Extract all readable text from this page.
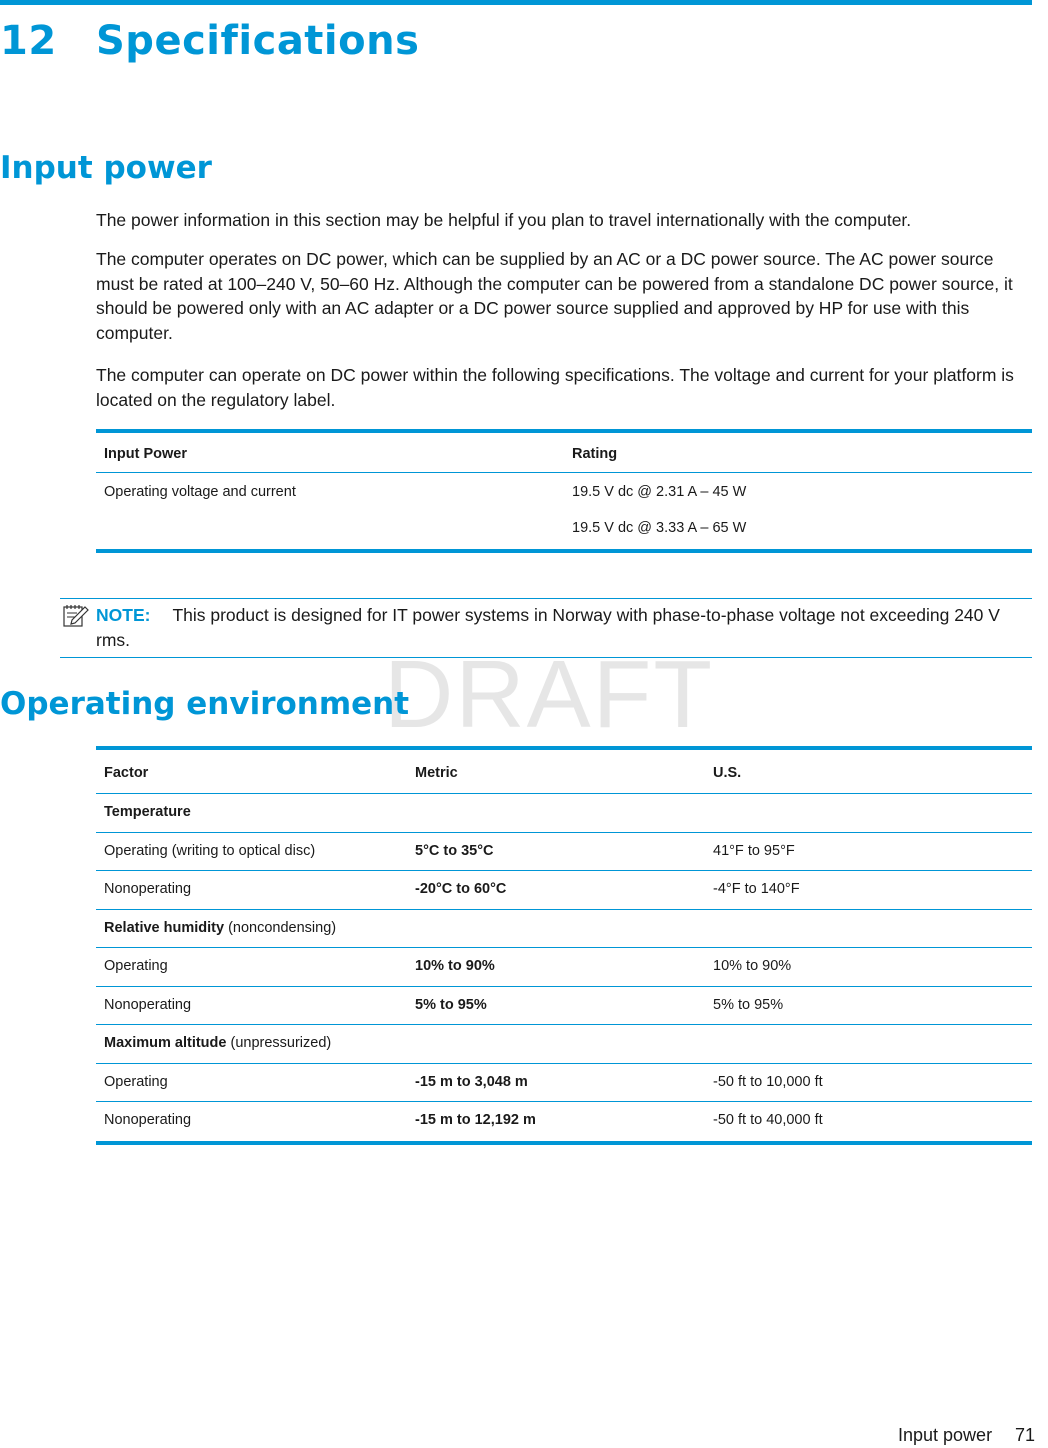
12 Specifications
Input power

The power information in this section may be helpful if you plan to travel internationally with the computer.

The computer operates on DC power, which can be supplied by an AC or a DC power source. The AC power source must be rated at 100–240 V, 50–60 Hz. Although the computer can be powered from a standalone DC power source, it should be powered only with an AC adapter or a DC power source supplied and approved by HP for use with this computer.

The computer can operate on DC power within the following specifications. The voltage and current for your platform is located on the regulatory label.

Input Power	Rating
Operating voltage and current	19.5 V dc @ 2.31 A – 45 W
19.5 V dc @ 3.33 A – 65 W
NOTE: This product is designed for IT power systems in Norway with phase-to-phase voltage not exceeding 240 V rms.
DRAFT
Operating environment
Factor	Metric	U.S.
Temperature
Operating (writing to optical disc)	5°C to 35°C	41°F to 95°F
Nonoperating	-20°C to 60°C	-4°F to 140°F
Relative humidity (noncondensing)
Operating	10% to 90%	10% to 90%
Nonoperating	5% to 95%	5% to 95%
Maximum altitude (unpressurized)
Operating	-15 m to 3,048 m	-50 ft to 10,000 ft
Nonoperating	-15 m to 12,192 m	-50 ft to 40,000 ft
Input power 71
